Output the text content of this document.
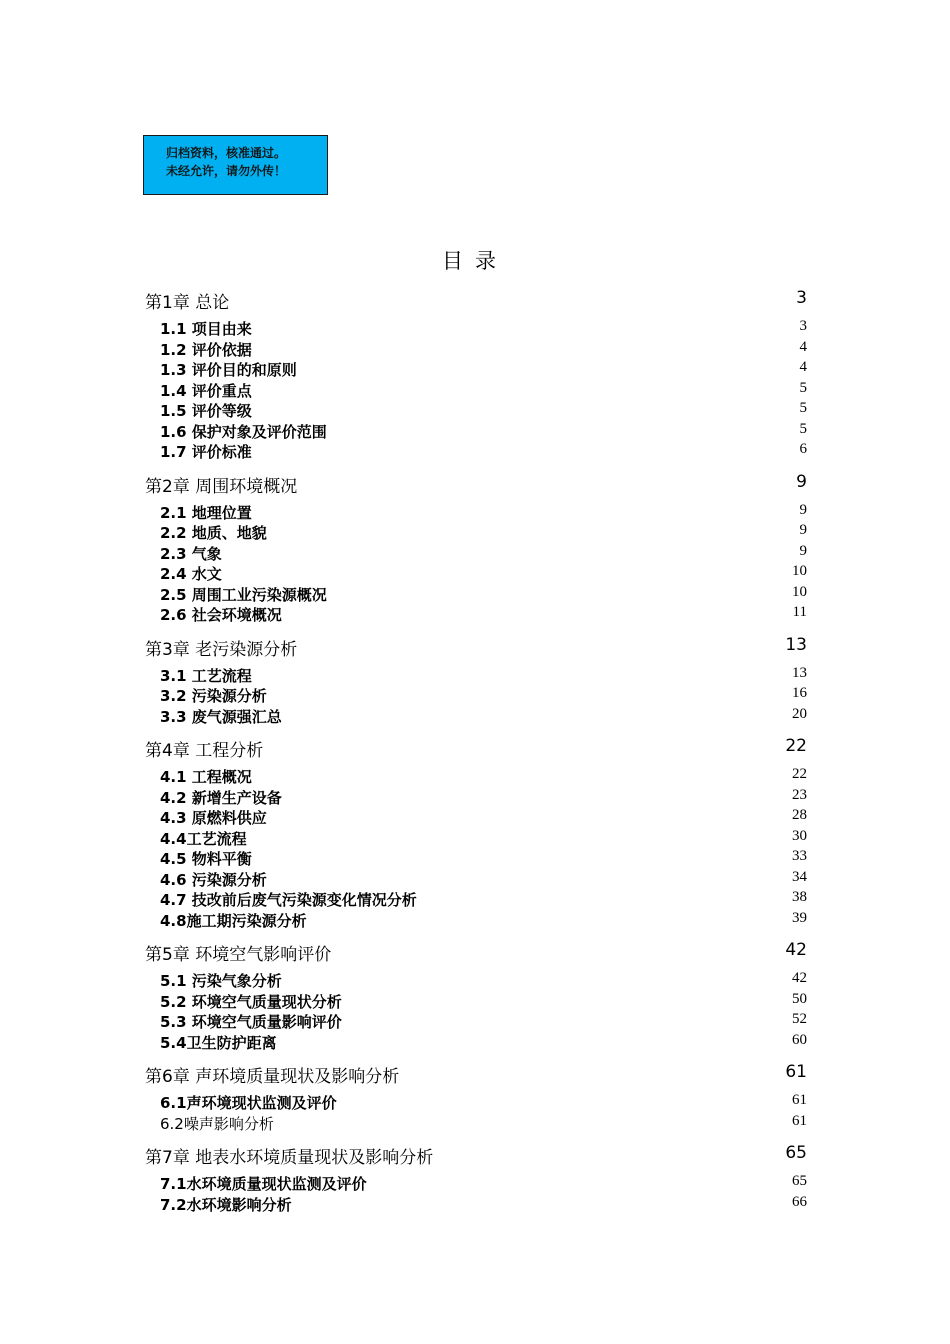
归档资料，核准通过。
未经允许，请勿外传！
目录
第1章 总论	3
1.1 项目由来	3
1.2 评价依据	4
1.3 评价目的和原则	4
1.4 评价重点	5
1.5 评价等级	5
1.6 保护对象及评价范围	5
1.7 评价标准	6
第2章 周围环境概况	9
2.1 地理位置	9
2.2 地质、地貌	9
2.3 气象	9
2.4 水文	10
2.5 周围工业污染源概况	10
2.6 社会环境概况	11
第3章 老污染源分析	13
3.1 工艺流程	13
3.2 污染源分析	16
3.3 废气源强汇总	20
第4章 工程分析	22
4.1 工程概况	22
4.2 新增生产设备	23
4.3 原燃料供应	28
4.4工艺流程	30
4.5 物料平衡	33
4.6 污染源分析	34
4.7 技改前后废气污染源变化情况分析	38
4.8施工期污染源分析	39
第5章 环境空气影响评价	42
5.1 污染气象分析	42
5.2 环境空气质量现状分析	50
5.3 环境空气质量影响评价	52
5.4卫生防护距离	60
第6章 声环境质量现状及影响分析	61
6.1声环境现状监测及评价	61
6.2噪声影响分析	61
第7章 地表水环境质量现状及影响分析	65
7.1水环境质量现状监测及评价	65
7.2水环境影响分析	66
